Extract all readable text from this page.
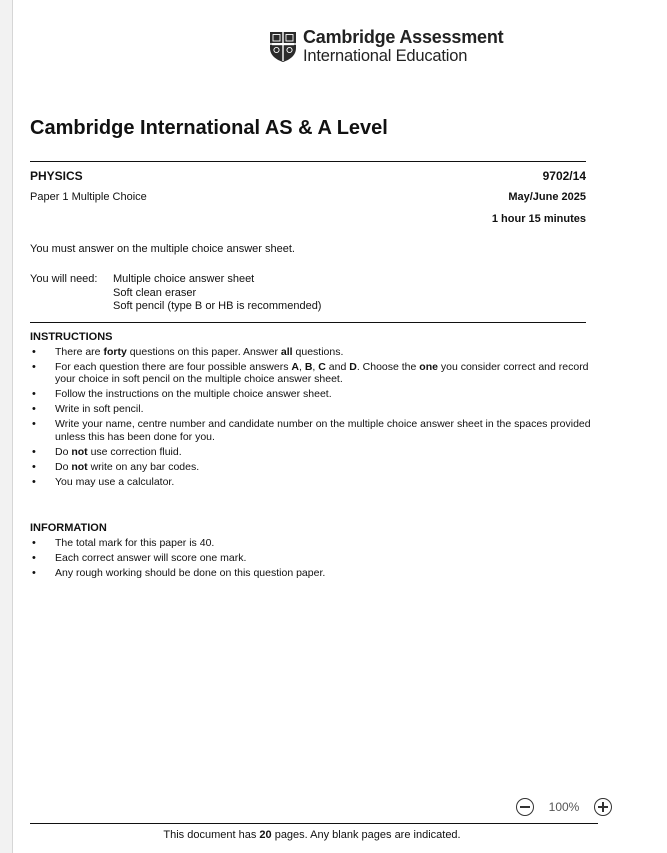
Cambridge Assessment
International Education
Cambridge International AS & A Level
PHYSICS	9702/14
Paper 1 Multiple Choice	May/June 2025
1 hour 15 minutes
You must answer on the multiple choice answer sheet.
You will need:	Multiple choice answer sheet
Soft clean eraser
Soft pencil (type B or HB is recommended)
INSTRUCTIONS
• There are forty questions on this paper. Answer all questions.
• For each question there are four possible answers A, B, C and D. Choose the one you consider correct and record your choice in soft pencil on the multiple choice answer sheet.
• Follow the instructions on the multiple choice answer sheet.
• Write in soft pencil.
• Write your name, centre number and candidate number on the multiple choice answer sheet in the spaces provided unless this has been done for you.
• Do not use correction fluid.
• Do not write on any bar codes.
• You may use a calculator.
INFORMATION
• The total mark for this paper is 40.
• Each correct answer will score one mark.
• Any rough working should be done on this question paper.
This document has 20 pages. Any blank pages are indicated.
100%
